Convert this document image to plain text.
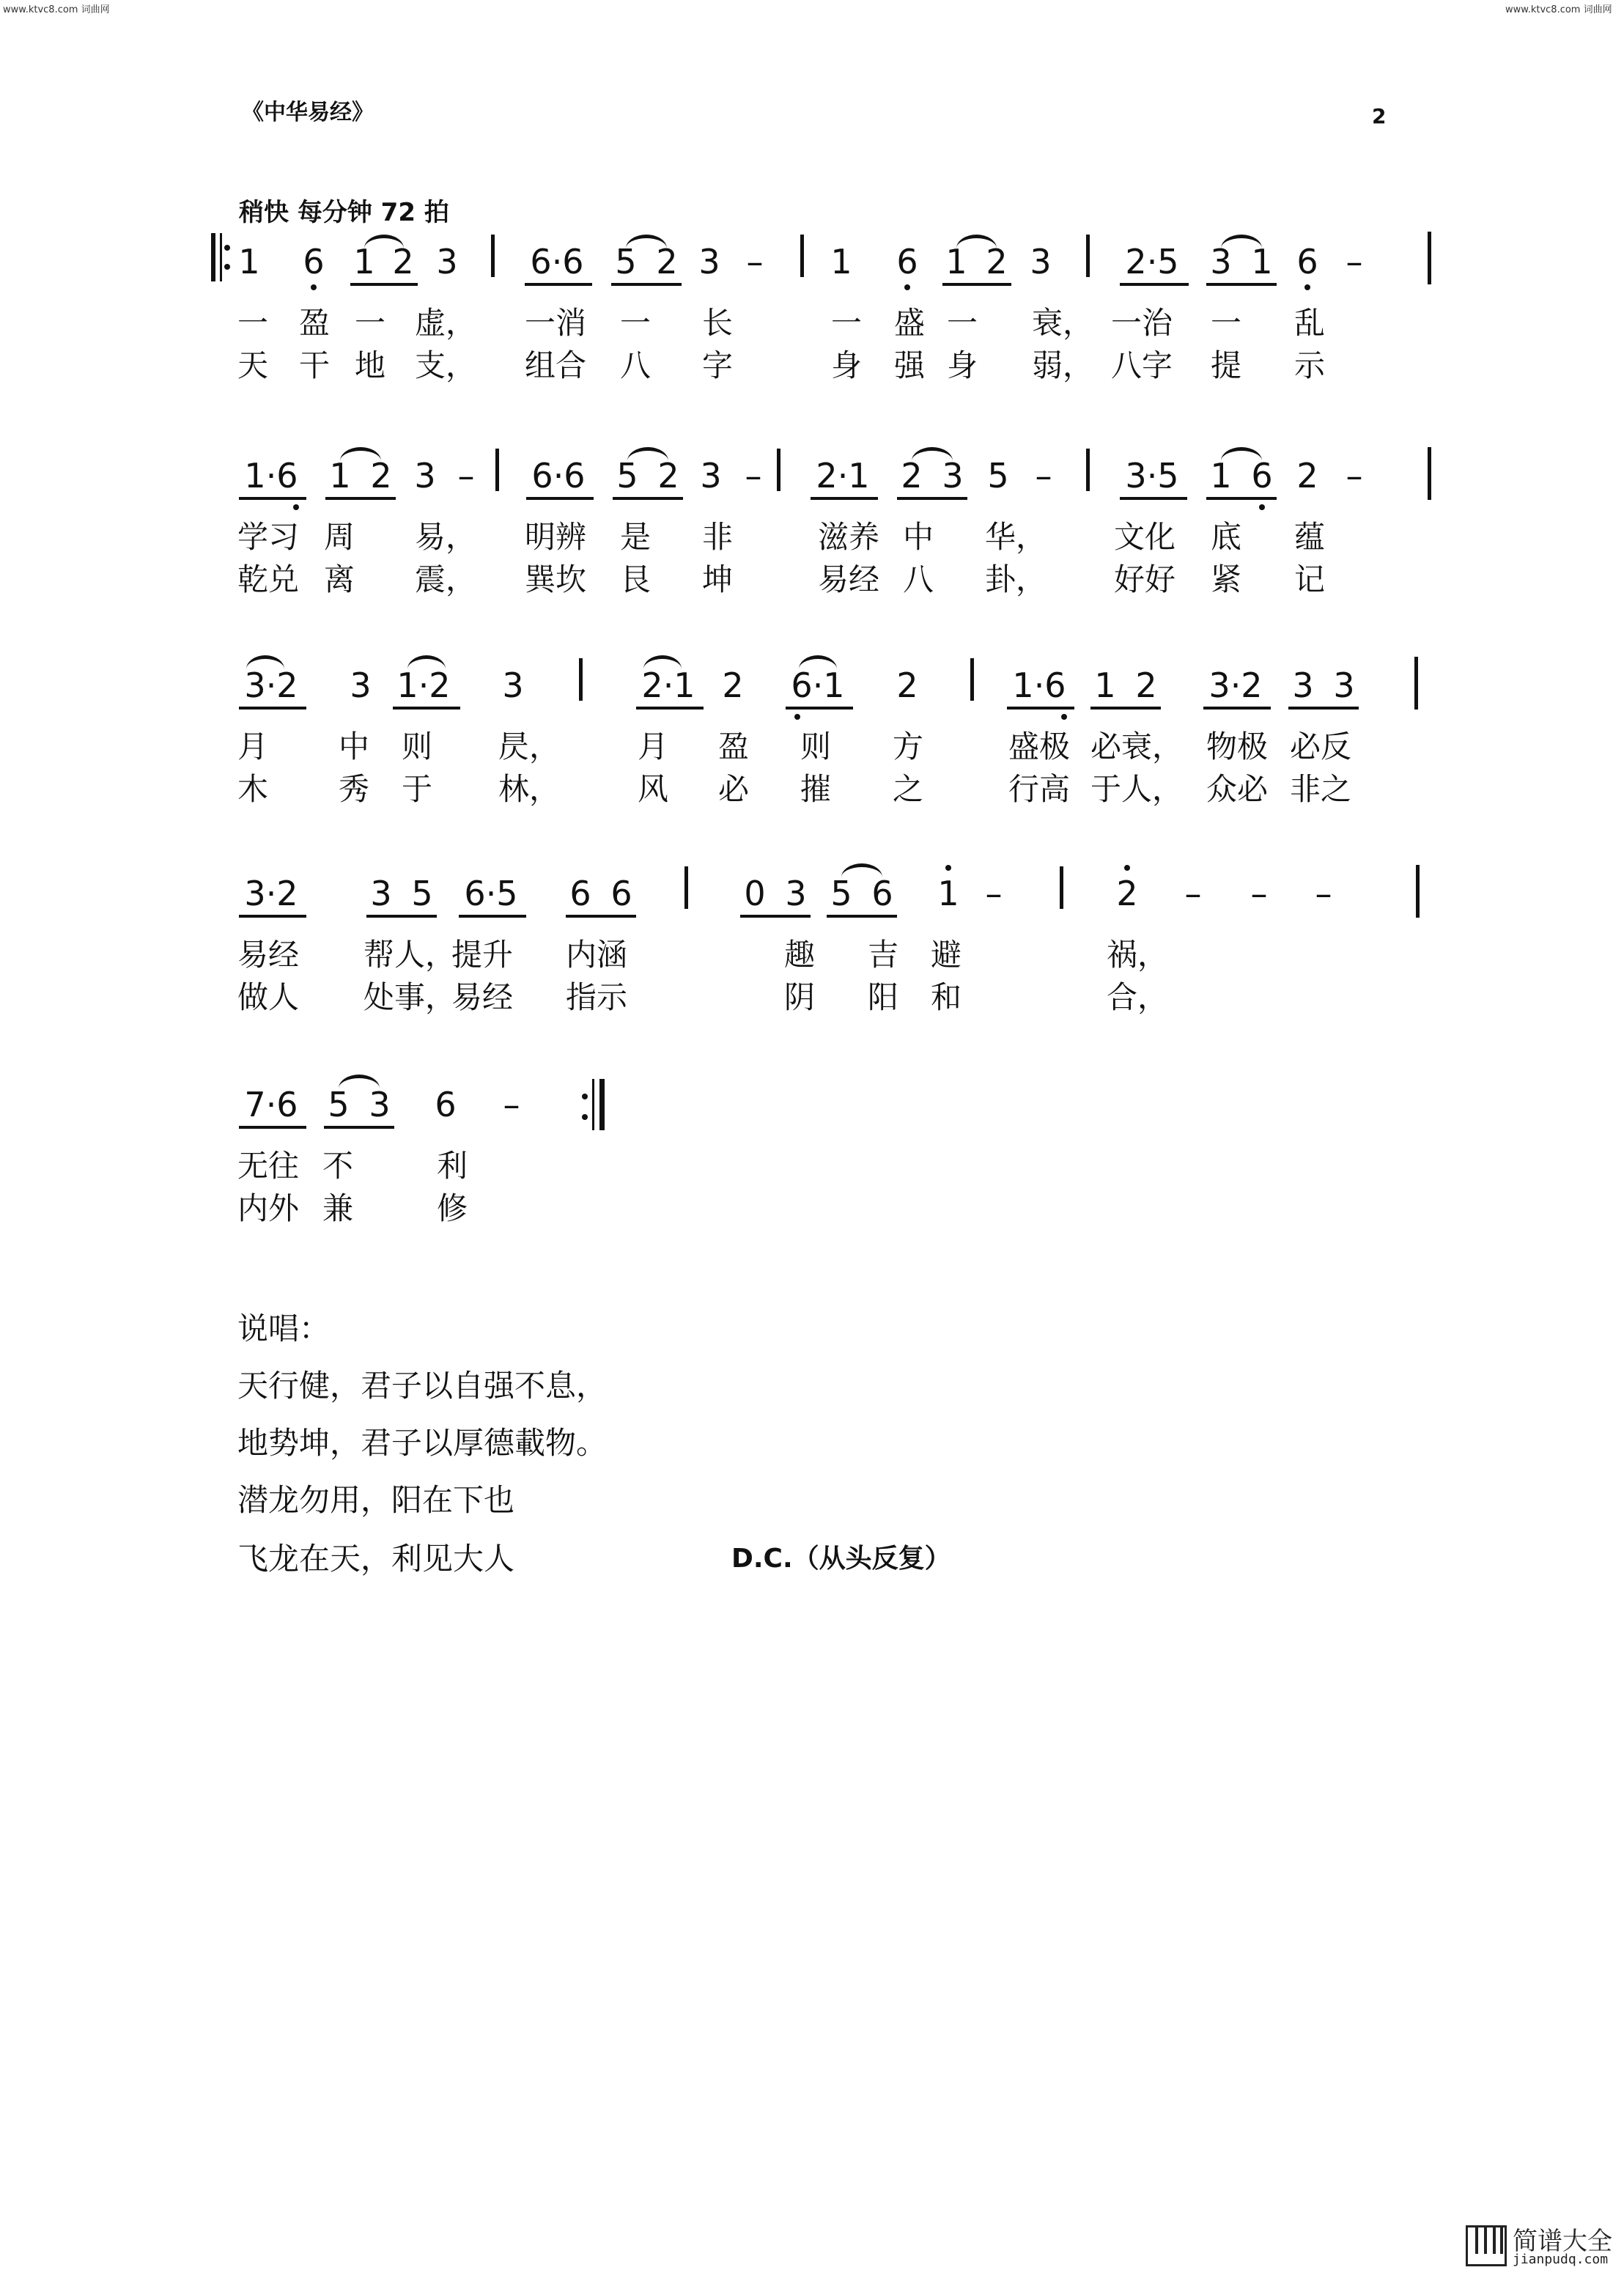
www.ktvc8.com 词曲网	www.ktvc8.com 词曲网
《中华易经》	2
稍快 每分钟 72 拍
1 6 1 2 3 6·6 5 2 3 – 1 6 1 2 3 2·5 3 1 6 –
一 盈 一 虚， 一消 一 长	一 盛 一 衰， 一治 一 乱
天 干 地 支， 组合 八 字	身 强 身 弱， 八字 提 示
1·6 1 2 3 – 6·6 5 2 3 – 2·1 2 3 5 – 3·5 1 6 2 –
学习 周 易， 明辨 是 非	滋养 中 华， 文化 底 蕴
乾兑 离 震， 巽坎 艮 坤	易经 八 卦， 好好 紧 记
3·2 3 1·2 3	2·1 2 6·1 2	1·6 1 2 3·2 3 3
月 中 则 昃，	月 盈 则 方	盛极 必衰， 物极 必反
木 秀 于 林，	风 必 摧 之	行高 于人， 众必 非之
3·2 3 5 6·5 6 6	0 3 5 6 1 –	2 – – –
易经 帮人，
提升 内涵	趣 吉 避	祸，
做人 处事，
易经 指示	阴 阳 和	合，
7·6 5 3 6 –
无往 不	利
内外 兼	修
说唱：
天行健，君子以自强不息，
地势坤，君子以厚德載物。
潜龙勿用，阳在下也
飞龙在天，利见大人	D.C.（从头反复）
简谱大全
jianpudq.com
